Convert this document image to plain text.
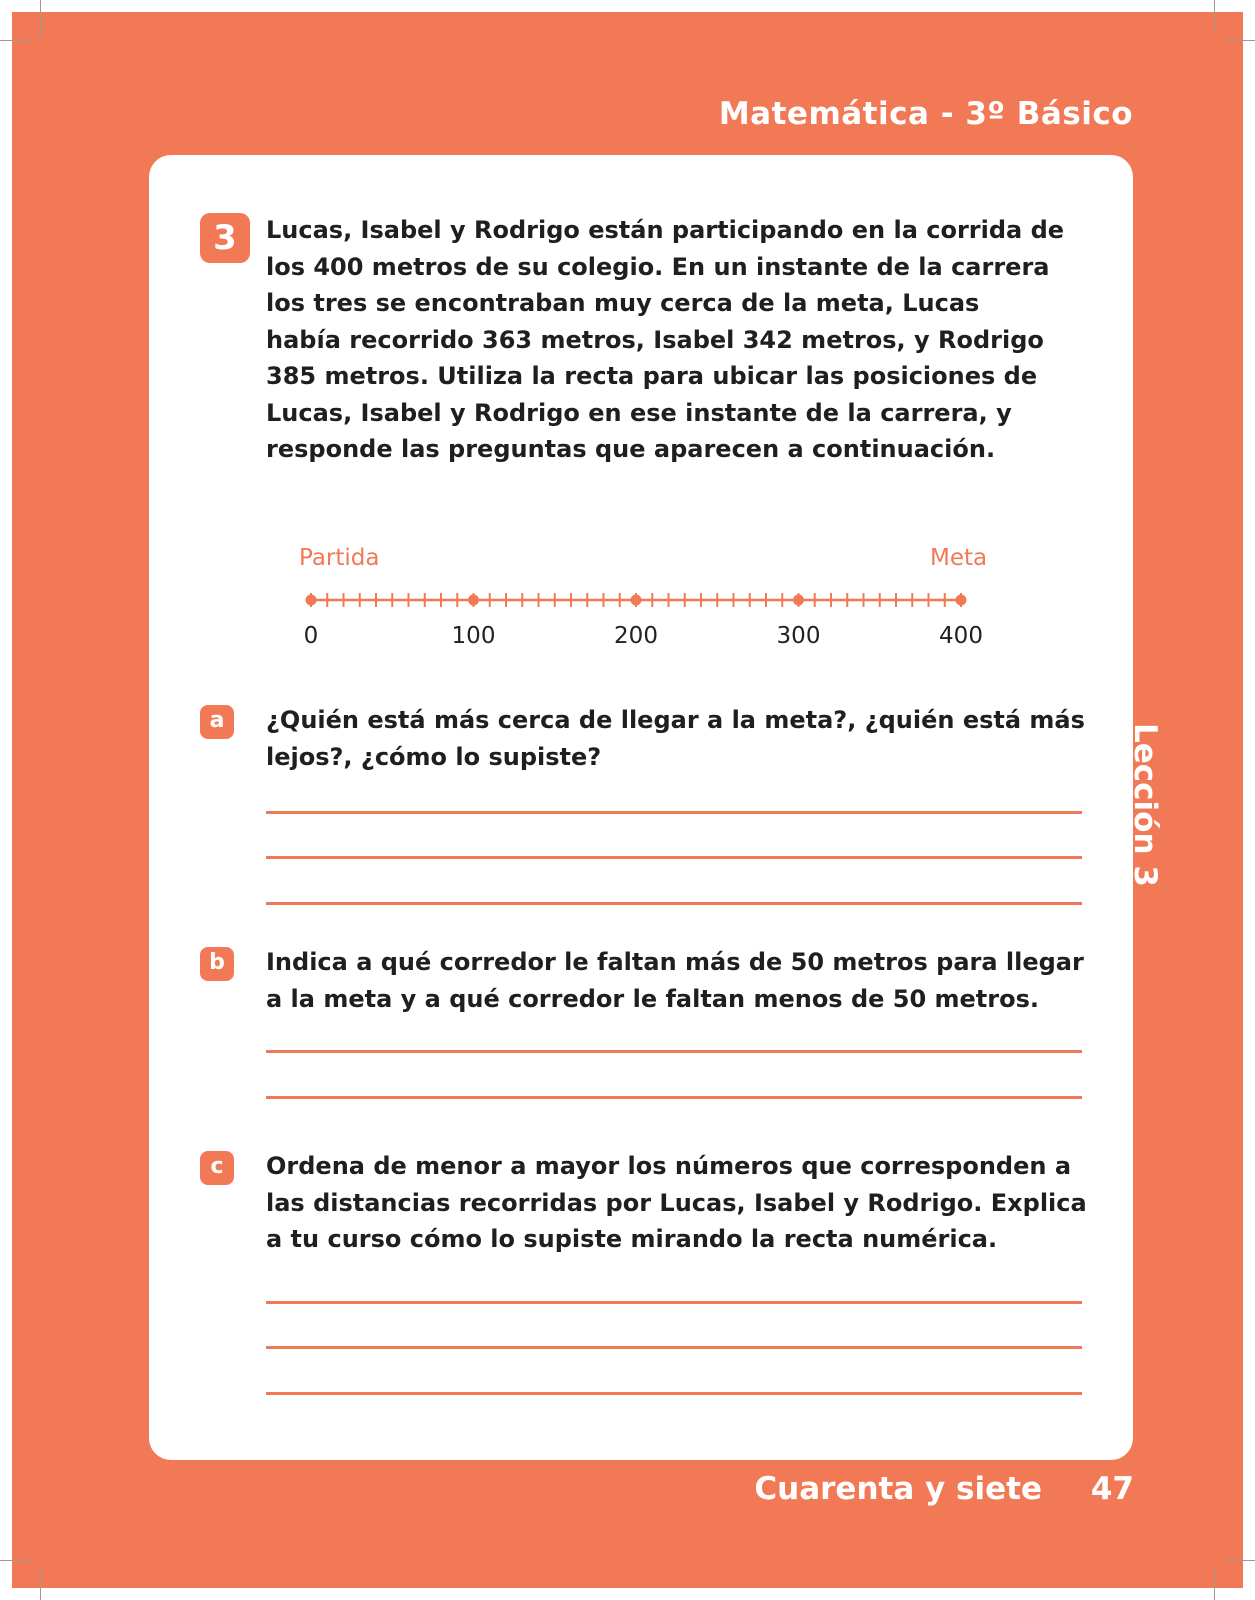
Matemática - 3º Básico
3	Lucas, Isabel y Rodrigo están participando en la corrida de
los 400 metros de su colegio. En un instante de la carrera
los tres se encontraban muy cerca de la meta, Lucas
había recorrido 363 metros, Isabel 342 metros, y Rodrigo
385 metros. Utiliza la recta para ubicar las posiciones de
Lucas, Isabel y Rodrigo en ese instante de la carrera, y
responde las preguntas que aparecen a continuación.
Partida	Meta
0	100	200	300	400
a	¿Quién está más cerca de llegar a la meta?, ¿quién está más
lejos?, ¿cómo lo supiste?
b	Indica a qué corredor le faltan más de 50 metros para llegar
a la meta y a qué corredor le faltan menos de 50 metros.
c	Ordena de menor a mayor los números que corresponden a
las distancias recorridas por Lucas, Isabel y Rodrigo. Explica
a tu curso cómo lo supiste mirando la recta numérica.
Lección 3
Cuarenta y siete 47
